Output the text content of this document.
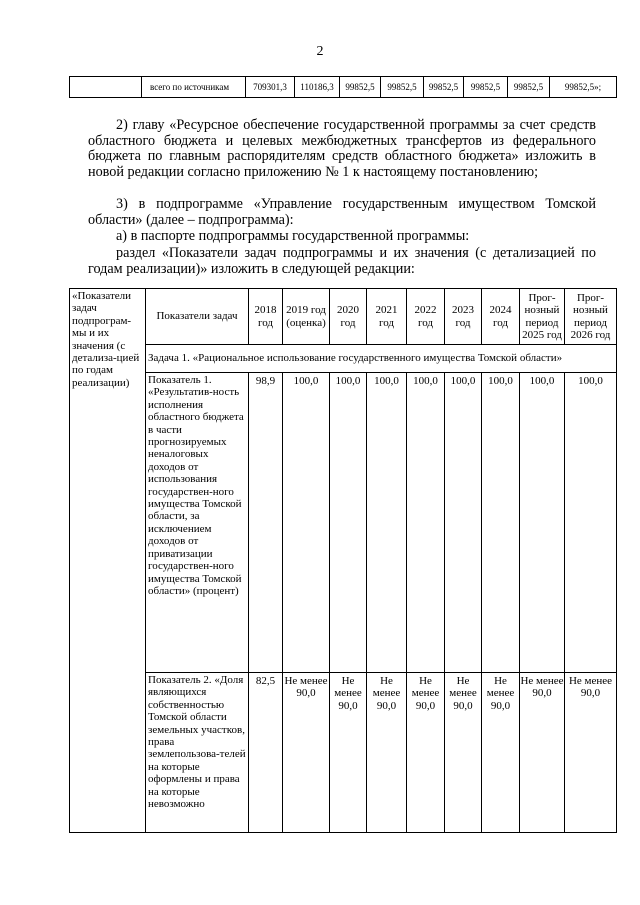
2
	всего по источникам	709301,3	110186,3	99852,5	99852,5	99852,5	99852,5	99852,5	99852,5»;
2) главу «Ресурсное обеспечение государственной программы за счет средств областного бюджета и целевых межбюджетных трансфертов из федерального бюджета по главным распорядителям средств областного бюджета» изложить в новой редакции согласно приложению № 1 к настоящему постановлению;
3) в подпрограмме «Управление государственным имуществом Томской области» (далее – подпрограмма):
а) в паспорте подпрограммы государственной программы:
раздел «Показатели задач подпрограммы и их значения (с детализацией по годам реализации)» изложить в следующей редакции:
«Показатели задач подпрограм-мы и их значения (с детализа-цией по годам реализации)	Показатели задач	2018 год	2019 год (оценка)	2020 год	2021 год	2022 год	2023 год	2024 год	Прог-нозный период 2025 год	Прог-нозный период 2026 год
	Задача 1. «Рациональное использование государственного имущества Томской области»									
	Показатель 1. «Результатив-ность исполнения областного бюджета в части прогнозируемых неналоговых доходов от использования государствен-ного имущества Томской области, за исключением доходов от приватизации государствен-ного имущества Томской области» (процент)	98,9	100,0	100,0	100,0	100,0	100,0	100,0	100,0	100,0
	Показатель 2. «Доля являющихся собственностью Томской области земельных участков, права землепользова-телей на которые оформлены и права на которые невозможно	82,5	Не менее 90,0	Не менее 90,0	Не менее 90,0	Не менее 90,0	Не менее 90,0	Не менее 90,0	Не менее 90,0	Не менее 90,0
